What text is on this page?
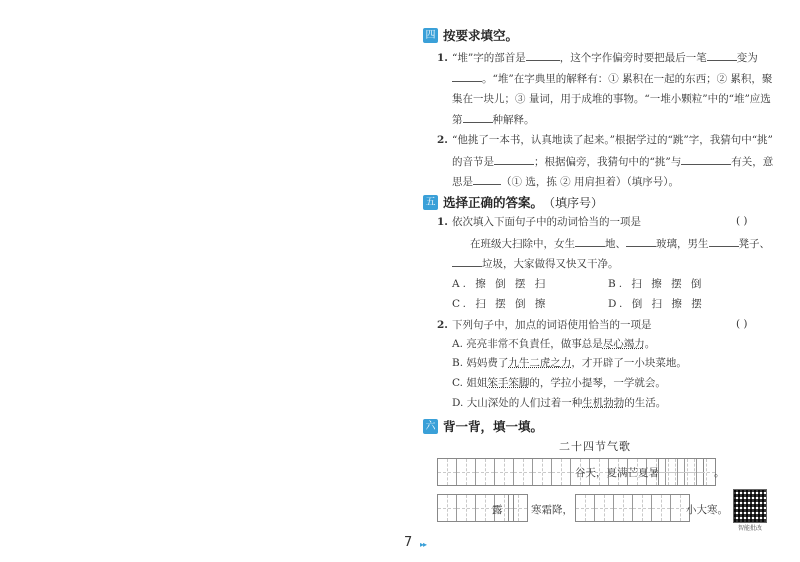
四 按要求填空。
1. “堆”字的部首是	，这个字作偏旁时要把最后一笔	变为
。“堆”在字典里的解释有：① 累积在一起的东西；② 累积，聚
集在一块儿；③ 量词，用于成堆的事物。“一堆小颗粒”中的“堆”应选
第	种解释。
2. “他挑了一本书，认真地读了起来。”根据学过的“跳”字，我猜句中“挑”
的音节是	；根据偏旁，我猜句中的“挑”与	有关，意
思是	（① 选，拣 ② 用肩担着）（填序号）。
五 选择正确的答案。 （填序号）
1. 依次填入下面句子中的动词恰当的一项是	( )
在班级大扫除中，女生	地、	玻璃，男生	凳子、
垃圾，大家做得又快又干净。
A. 擦 倒 摆 扫	B. 扫 擦 摆 倒
C. 扫 摆 倒 擦	D. 倒 扫 擦 摆
2. 下列句子中，加点的词语使用恰当的一项是	( )
A. 亮亮非常不負責任，做事总是尽心竭力。
B. 妈妈费了九牛二虎之力，才开辟了一小块菜地。
C. 姐姐笨手笨脚的，学拉小提琴，一学就会。
D. 大山深处的人们过着一种生机勃勃的生活。
六 背一背，填一填。
二十四节气歌
谷天，夏满芒夏暑	。
露	寒霜降，	小大寒。
智能批改
7 ▸▸
